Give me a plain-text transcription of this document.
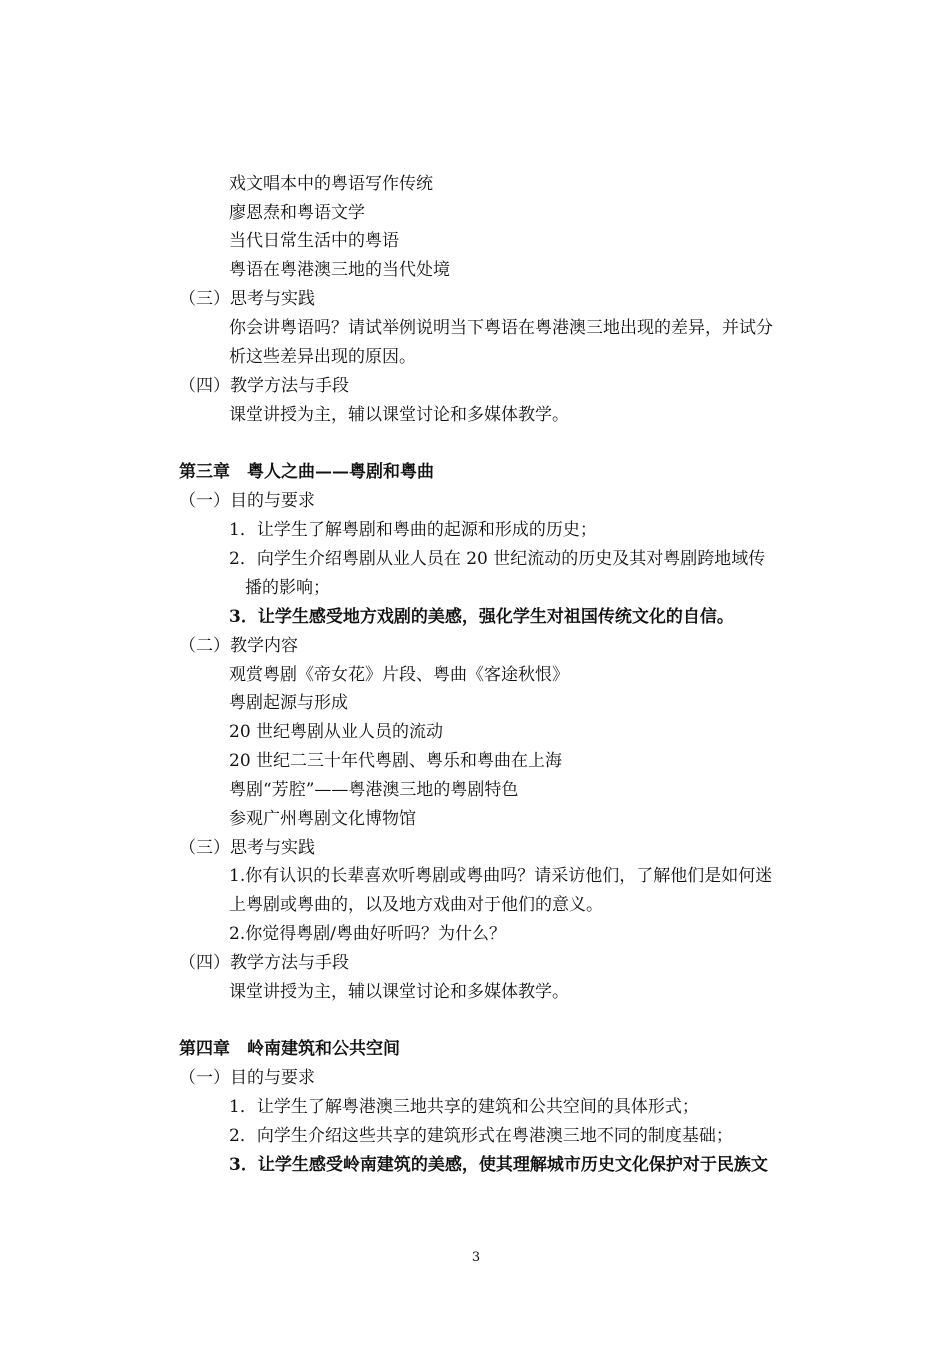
戏文唱本中的粤语写作传统
廖恩焘和粤语文学
当代日常生活中的粤语
粤语在粤港澳三地的当代处境
（三）思考与实践
你会讲粤语吗？请试举例说明当下粤语在粤港澳三地出现的差异，并试分
析这些差异出现的原因。
（四）教学方法与手段
课堂讲授为主，辅以课堂讨论和多媒体教学。
第三章　粤人之曲——粤剧和粤曲
（一）目的与要求
1．让学生了解粤剧和粤曲的起源和形成的历史；
2．向学生介绍粤剧从业人员在 20 世纪流动的历史及其对粤剧跨地域传
播的影响；
3．让学生感受地方戏剧的美感，强化学生对祖国传统文化的自信。
（二）教学内容
观赏粤剧《帝女花》片段、粤曲《客途秋恨》
粤剧起源与形成
20 世纪粤剧从业人员的流动
20 世纪二三十年代粤剧、粤乐和粤曲在上海
粤剧“芳腔”——粤港澳三地的粤剧特色
参观广州粤剧文化博物馆
（三）思考与实践
1.你有认识的长辈喜欢听粤剧或粤曲吗？请采访他们，了解他们是如何迷
上粤剧或粤曲的，以及地方戏曲对于他们的意义。
2.你觉得粤剧/粤曲好听吗？为什么？
（四）教学方法与手段
课堂讲授为主，辅以课堂讨论和多媒体教学。
第四章　岭南建筑和公共空间
（一）目的与要求
1．让学生了解粤港澳三地共享的建筑和公共空间的具体形式；
2．向学生介绍这些共享的建筑形式在粤港澳三地不同的制度基础；
3．让学生感受岭南建筑的美感，使其理解城市历史文化保护对于民族文
3
